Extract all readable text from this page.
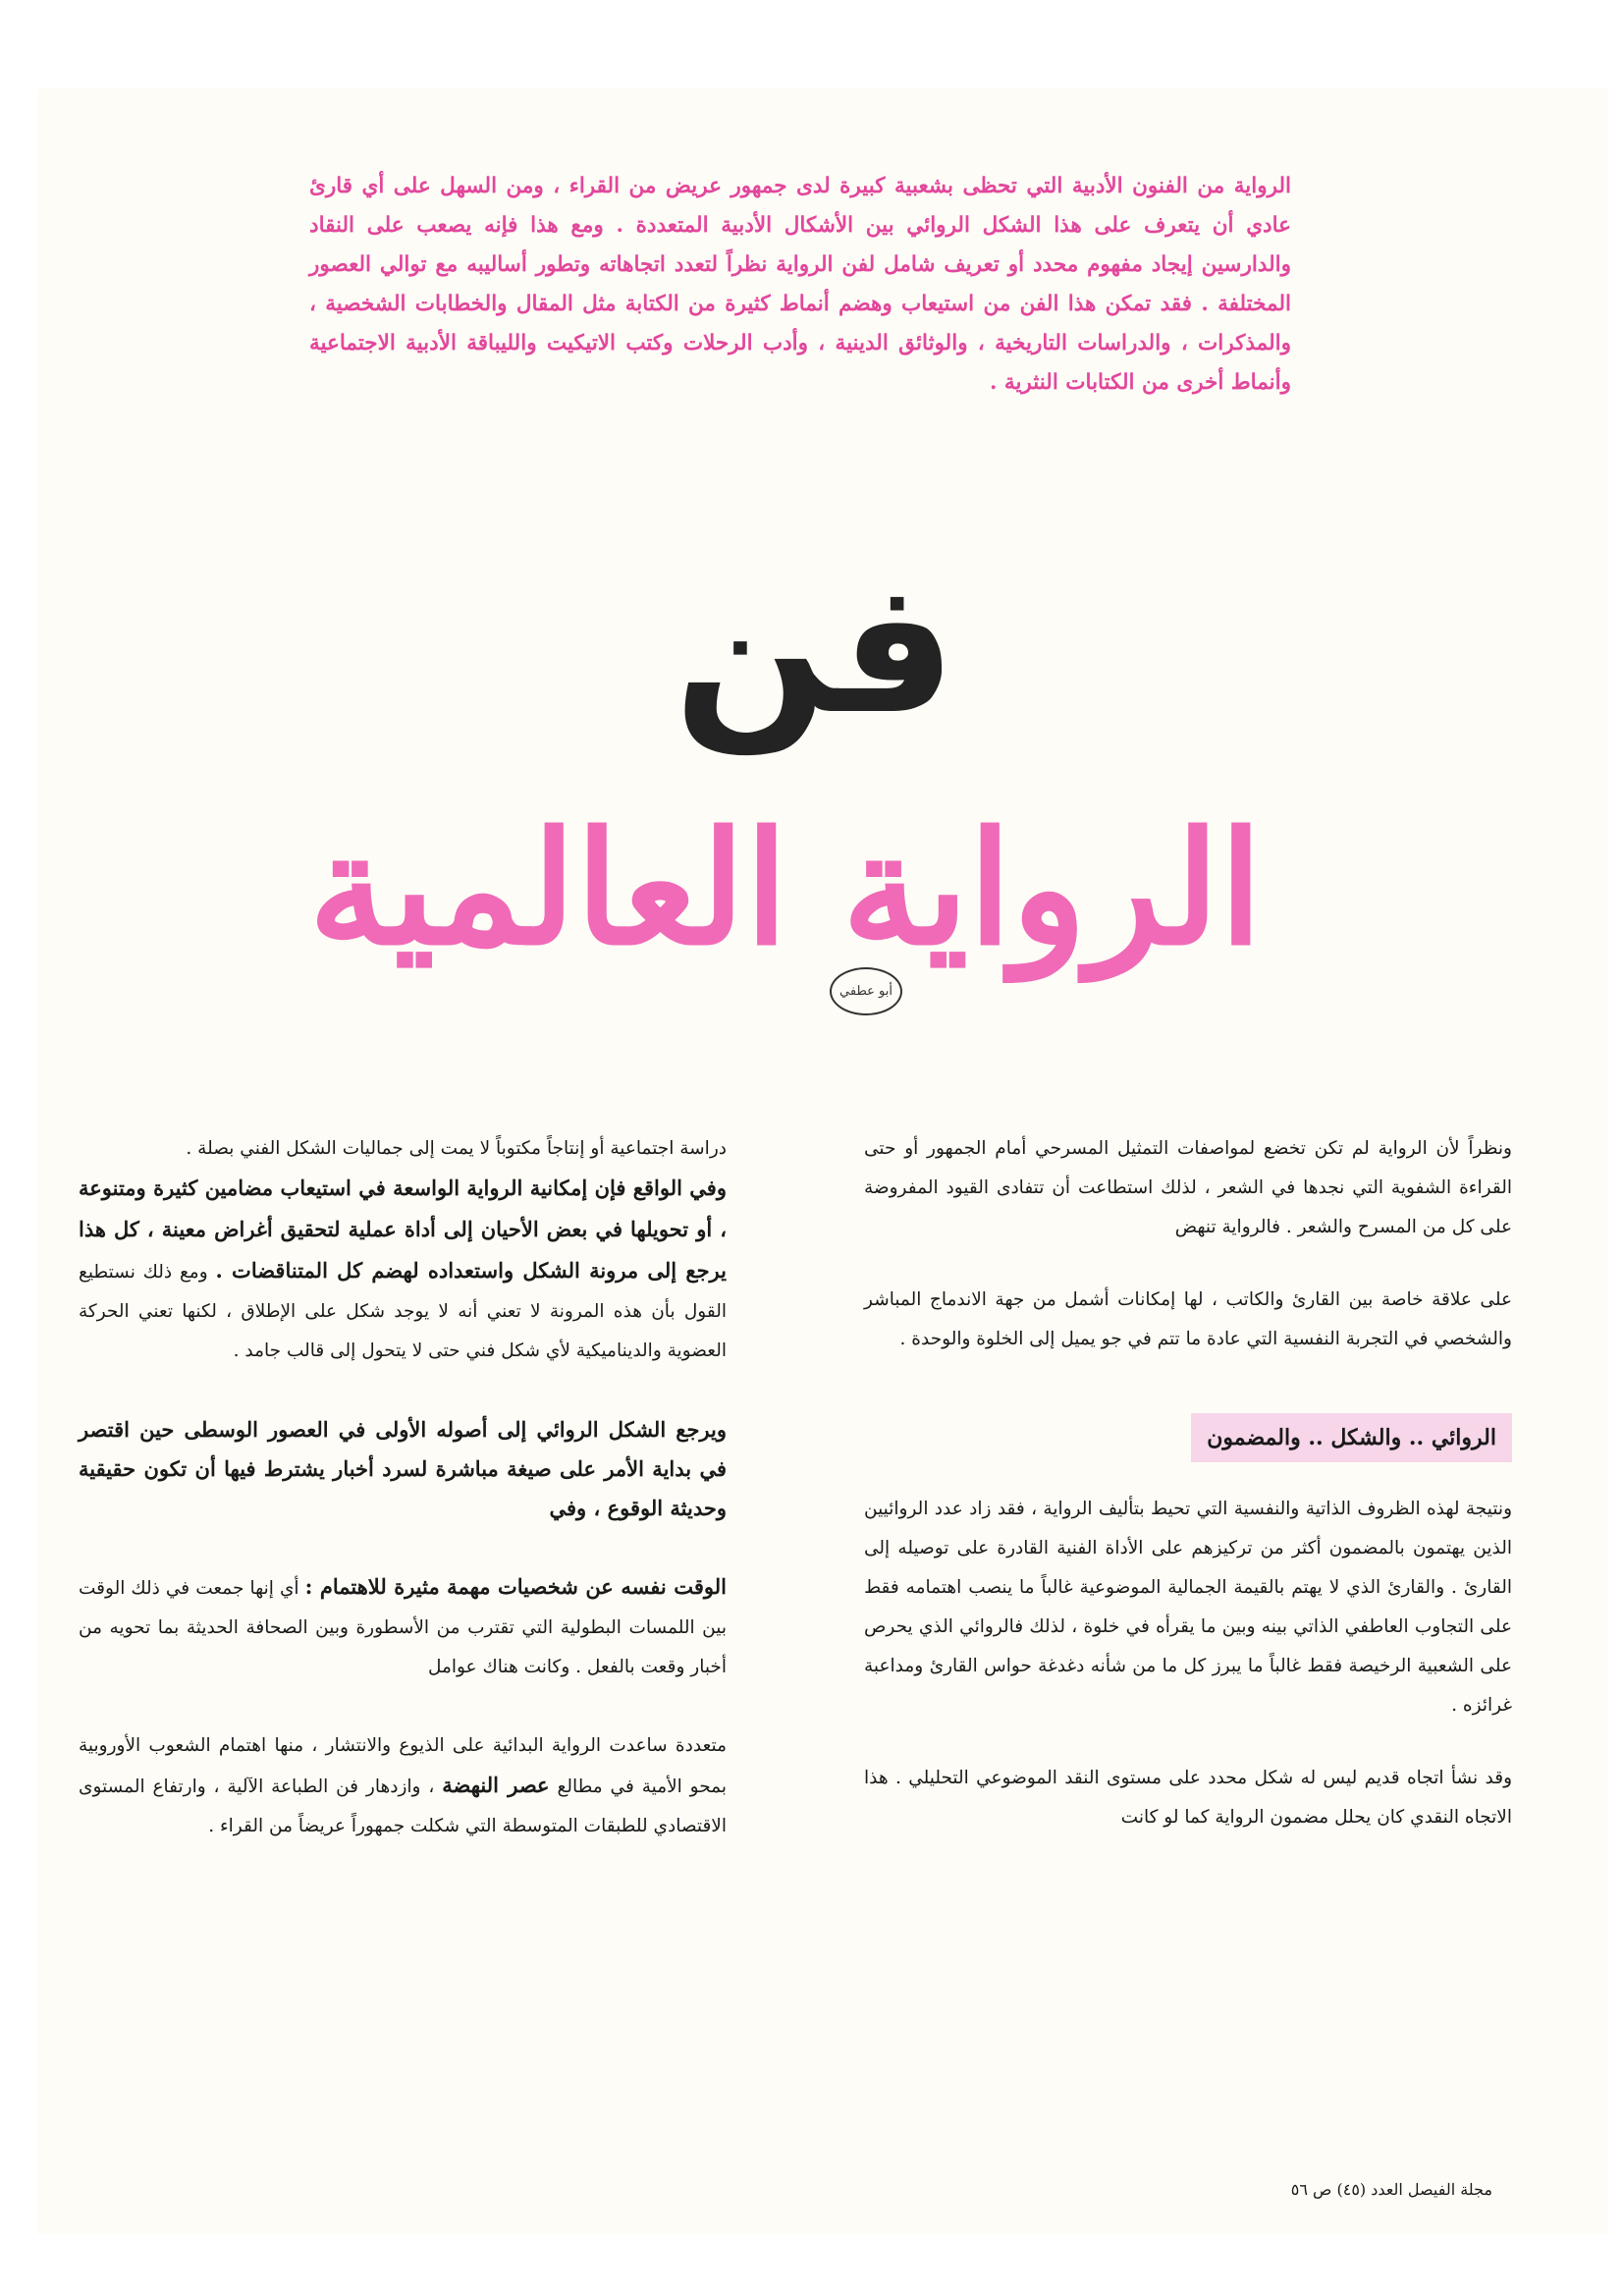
الرواية من الفنون الأدبية التي تحظى بشعبية كبيرة لدى جمهور عريض من القراء ، ومن السهل على أي قارئ عادي أن يتعرف على هذا الشكل الروائي بين الأشكال الأدبية المتعددة . ومع هذا فإنه يصعب على النقاد والدارسين إيجاد مفهوم محدد أو تعريف شامل لفن الرواية نظراً لتعدد اتجاهاته وتطور أساليبه مع توالي العصور المختلفة . فقد تمكن هذا الفن من استيعاب وهضم أنماط كثيرة من الكتابة مثل المقال والخطابات الشخصية ، والمذكرات ، والدراسات التاريخية ، والوثائق الدينية ، وأدب الرحلات وكتب الاتيكيت والليباقة الأدبية الاجتماعية وأنماط أخرى من الكتابات النثرية .

فن
الرواية العالمية
أبو عطفي

ونظراً لأن الرواية لم تكن تخضع لمواصفات التمثيل المسرحي أمام الجمهور أو حتى القراءة الشفوية التي نجدها في الشعر ، لذلك استطاعت أن تتفادى القيود المفروضة على كل من المسرح والشعر . فالرواية تنهض

على علاقة خاصة بين القارئ والكاتب ، لها إمكانات أشمل من جهة الاندماج المباشر والشخصي في التجربة النفسية التي عادة ما تتم في جو يميل إلى الخلوة والوحدة .

الروائي .. والشكل .. والمضمون

ونتيجة لهذه الظروف الذاتية والنفسية التي تحيط بتأليف الرواية ، فقد زاد عدد الروائيين الذين يهتمون بالمضمون أكثر من تركيزهم على الأداة الفنية القادرة على توصيله إلى القارئ . والقارئ الذي لا يهتم بالقيمة الجمالية الموضوعية غالباً ما ينصب اهتمامه فقط على التجاوب العاطفي الذاتي بينه وبين ما يقرأه في خلوة ، لذلك فالروائي الذي يحرص على الشعبية الرخيصة فقط غالباً ما يبرز كل ما من شأنه دغدغة حواس القارئ ومداعبة غرائزه .

وقد نشأ اتجاه قديم ليس له شكل محدد على مستوى النقد الموضوعي التحليلي . هذا الاتجاه النقدي كان يحلل مضمون الرواية كما لو كانت

دراسة اجتماعية أو إنتاجاً مكتوباً لا يمت إلى جماليات الشكل الفني بصلة .

وفي الواقع فإن إمكانية الرواية الواسعة في استيعاب مضامين كثيرة ومتنوعة ، أو تحويلها في بعض الأحيان إلى أداة عملية لتحقيق أغراض معينة ، كل هذا يرجع إلى مرونة الشكل واستعداده لهضم كل المتناقضات . ومع ذلك نستطيع القول بأن هذه المرونة لا تعني أنه لا يوجد شكل على الإطلاق ، لكنها تعني الحركة العضوية والديناميكية لأي شكل فني حتى لا يتحول إلى قالب جامد .

ويرجع الشكل الروائي إلى أصوله الأولى في العصور الوسطى حين اقتصر في بداية الأمر على صيغة مباشرة لسرد أخبار يشترط فيها أن تكون حقيقية وحديثة الوقوع ، وفي

الوقت نفسه عن شخصيات مهمة مثيرة للاهتمام : أي إنها جمعت في ذلك الوقت بين اللمسات البطولية التي تقترب من الأسطورة وبين الصحافة الحديثة بما تحويه من أخبار وقعت بالفعل . وكانت هناك عوامل

متعددة ساعدت الرواية البدائية على الذيوع والانتشار ، منها اهتمام الشعوب الأوروبية بمحو الأمية في مطالع عصر النهضة ، وازدهار فن الطباعة الآلية ، وارتفاع المستوى الاقتصادي للطبقات المتوسطة التي شكلت جمهوراً عريضاً من القراء .

مجلة الفيصل العدد (٤٥) ص ٥٦
